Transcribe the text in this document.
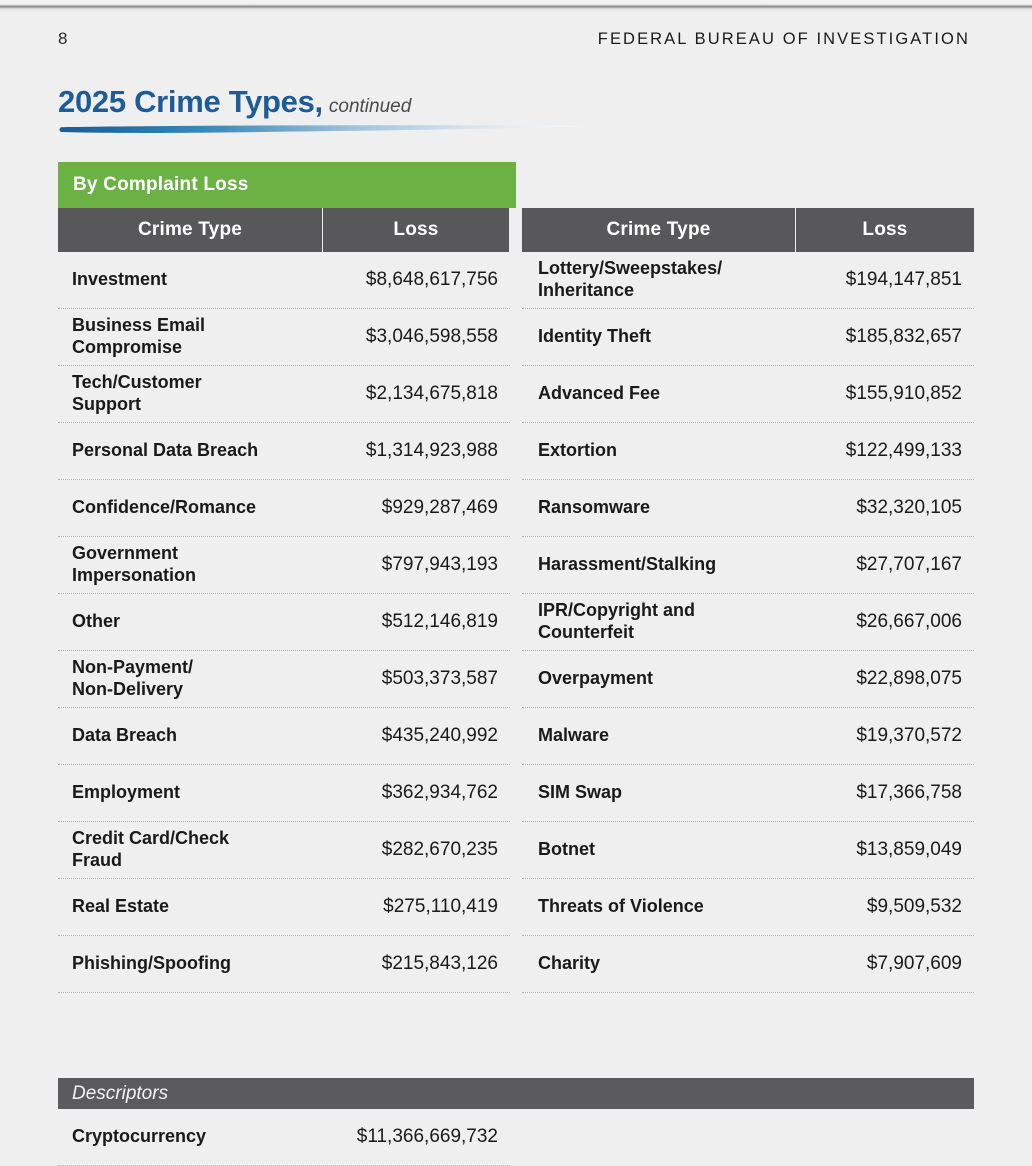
8	FEDERAL BUREAU OF INVESTIGATION
2025 Crime Types, continued
By Complaint Loss
Crime Type	Loss	Crime Type	Loss
Investment	$8,648,617,756
Business Email
Compromise	$3,046,598,558
Tech/Customer
Support	$2,134,675,818
Personal Data Breach	$1,314,923,988
Confidence/Romance	$929,287,469
Government
Impersonation	$797,943,193
Other	$512,146,819
Non-Payment/
Non-Delivery	$503,373,587
Data Breach	$435,240,992
Employment	$362,934,762
Credit Card/Check
Fraud	$282,670,235
Real Estate	$275,110,419
Phishing/Spoofing	$215,843,126
Lottery/Sweepstakes/
Inheritance	$194,147,851
Identity Theft	$185,832,657
Advanced Fee	$155,910,852
Extortion	$122,499,133
Ransomware	$32,320,105
Harassment/Stalking	$27,707,167
IPR/Copyright and
Counterfeit	$26,667,006
Overpayment	$22,898,075
Malware	$19,370,572
SIM Swap	$17,366,758
Botnet	$13,859,049
Threats of Violence	$9,509,532
Charity	$7,907,609
Descriptors
Cryptocurrency	$11,366,669,732
